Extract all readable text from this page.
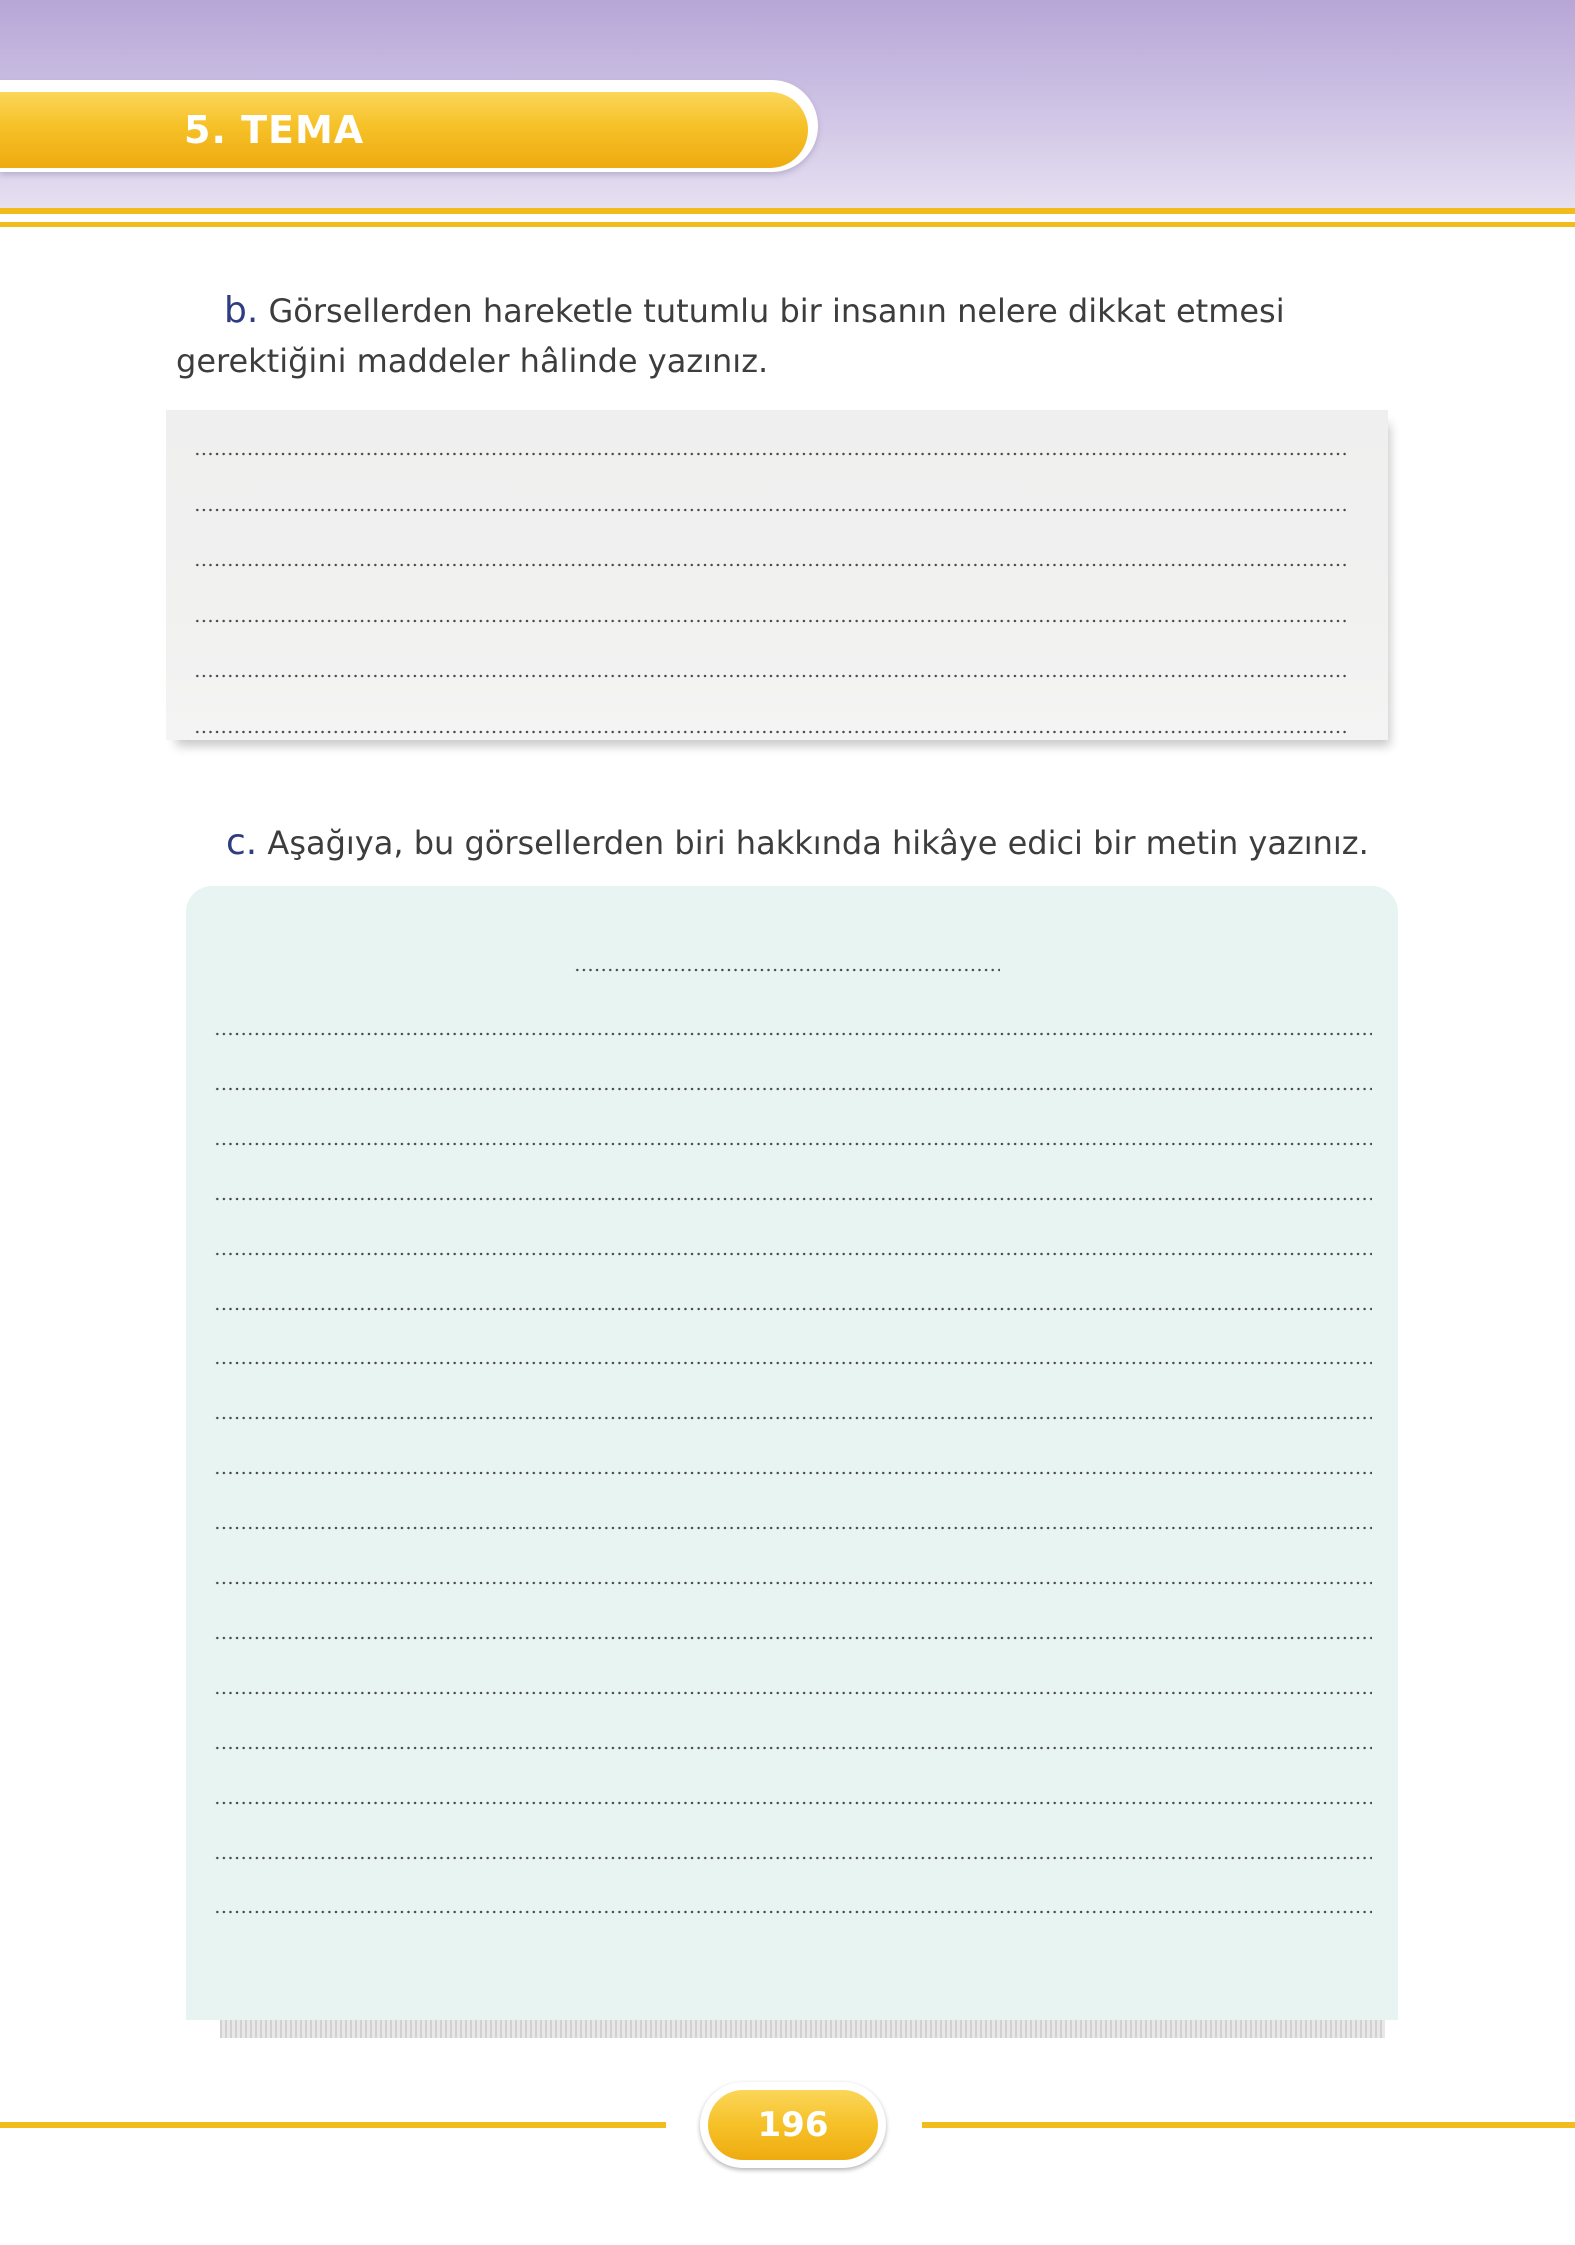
5. TEMA
b. Görsellerden hareketle tutumlu bir insanın nelere dikkat etmesi gerektiğini maddeler hâlinde yazınız.
c. Aşağıya, bu görsellerden biri hakkında hikâye edici bir metin yazınız.
196
